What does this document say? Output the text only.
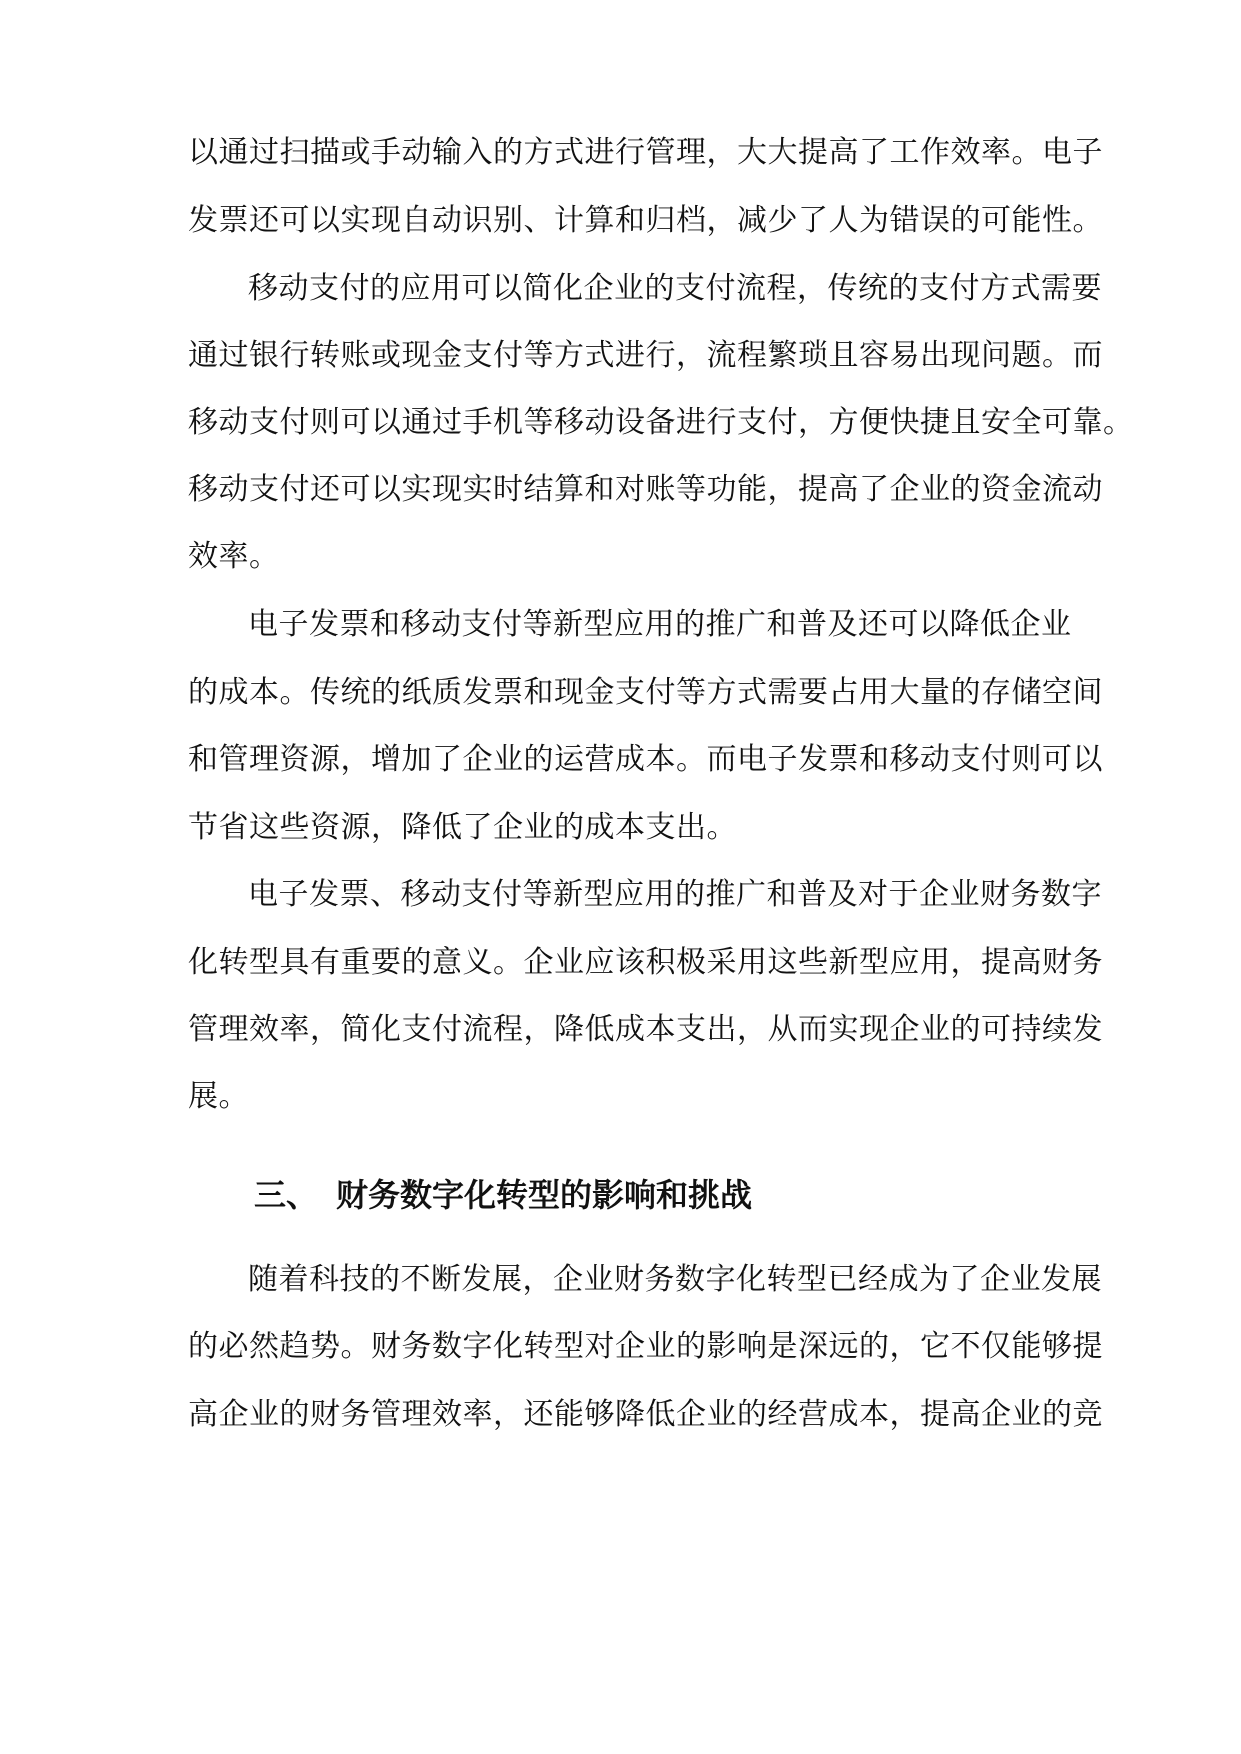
以通过扫描或手动输入的方式进行管理，大大提高了工作效率。电子
发票还可以实现自动识别、计算和归档，减少了人为错误的可能性。
移动支付的应用可以简化企业的支付流程，传统的支付方式需要
通过银行转账或现金支付等方式进行，流程繁琐且容易出现问题。而
移动支付则可以通过手机等移动设备进行支付，方便快捷且安全可靠。
移动支付还可以实现实时结算和对账等功能，提高了企业的资金流动
效率。
电子发票和移动支付等新型应用的推广和普及还可以降低企业
的成本。传统的纸质发票和现金支付等方式需要占用大量的存储空间
和管理资源，增加了企业的运营成本。而电子发票和移动支付则可以
节省这些资源，降低了企业的成本支出。
电子发票、移动支付等新型应用的推广和普及对于企业财务数字
化转型具有重要的意义。企业应该积极采用这些新型应用，提高财务
管理效率，简化支付流程，降低成本支出，从而实现企业的可持续发
展。
三、 财务数字化转型的影响和挑战
随着科技的不断发展，企业财务数字化转型已经成为了企业发展
的必然趋势。财务数字化转型对企业的影响是深远的，它不仅能够提
高企业的财务管理效率，还能够降低企业的经营成本，提高企业的竞
